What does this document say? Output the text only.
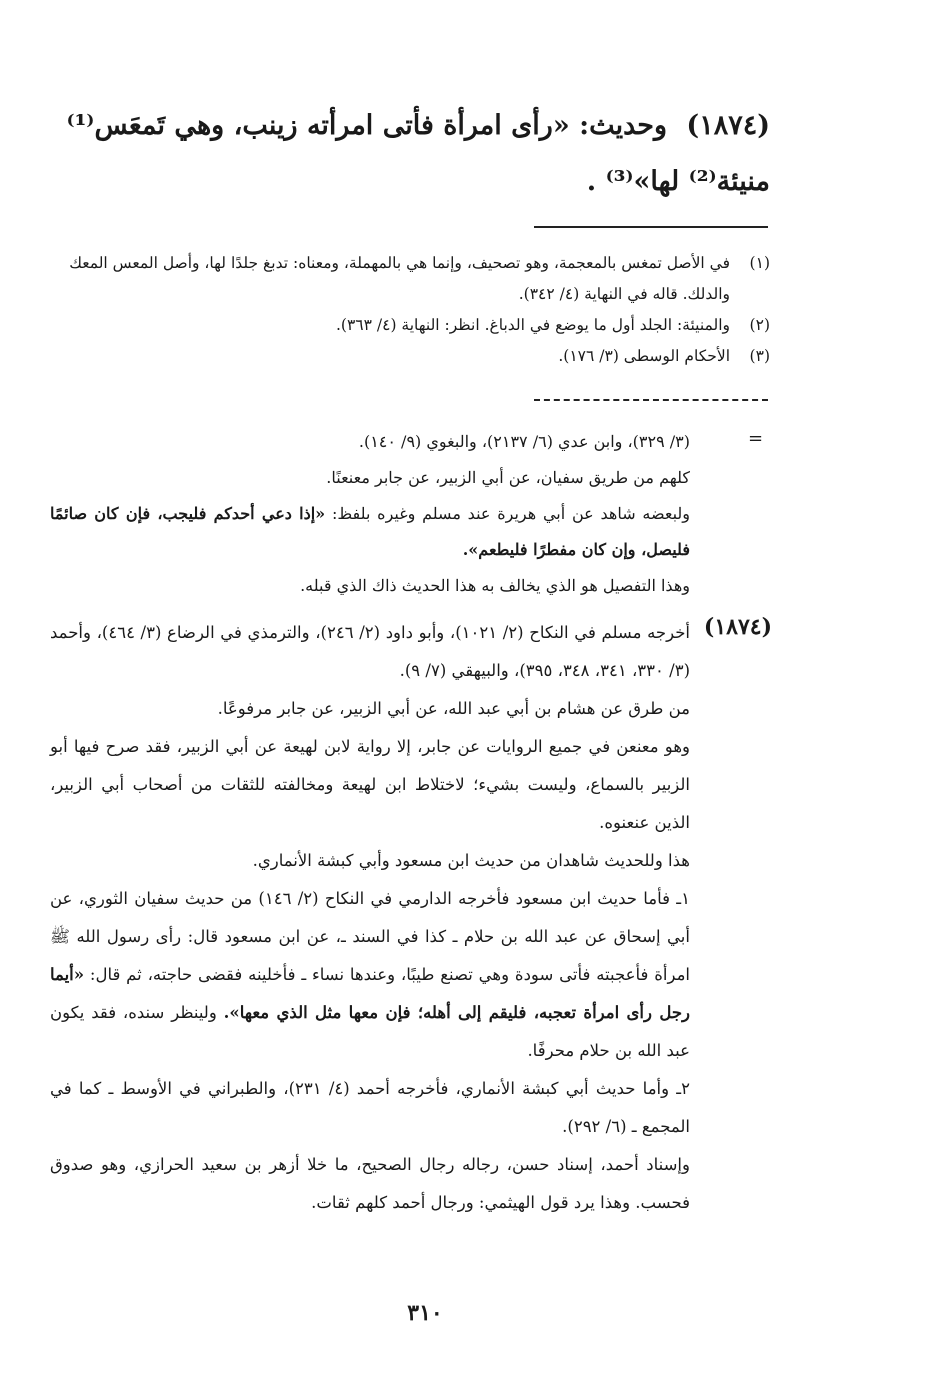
(١٨٧٤) وحديث: «رأى امرأة فأتى امرأته زينب، وهي تَمعَس⁽¹⁾
منيئة⁽²⁾ لها»⁽³⁾ .
(١)
في الأصل تمغس بالمعجمة، وهو تصحيف، وإنما هي بالمهملة، ومعناه: تدبغ جلدًا لها، وأصل المعس المعك
والدلك. قاله في النهاية (٤/ ٣٤٢).
(٢)
والمنيئة: الجلد أول ما يوضع في الدباغ. انظر: النهاية (٤/ ٣٦٣).
(٣)
الأحكام الوسطى (٣/ ١٧٦).
=

(٣/ ٣٢٩)، وابن عدي (٦/ ٢١٣٧)، والبغوي (٩/ ١٤٠).

كلهم من طريق سفيان، عن أبي الزبير، عن جابر معنعنًا.

ولبعضه شاهد عن أبي هريرة عند مسلم وغيره بلفظ: «إذا دعي أحدكم فليجب، فإن كان صائمًا فليصل، وإن كان مفطرًا فليطعم».

وهذا التفصيل هو الذي يخالف به هذا الحديث ذاك الذي قبله.

(١٨٧٤)

أخرجه مسلم في النكاح (٢/ ١٠٢١)، وأبو داود (٢/ ٢٤٦)، والترمذي في الرضاع (٣/ ٤٦٤)، وأحمد (٣/ ٣٣٠، ٣٤١، ٣٤٨، ٣٩٥)، والبيهقي (٧/ ٩).

من طرق عن هشام بن أبي عبد الله، عن أبي الزبير، عن جابر مرفوعًا.

وهو معنعن في جميع الروايات عن جابر، إلا رواية لابن لهيعة عن أبي الزبير، فقد صرح فيها أبو الزبير بالسماع، وليست بشيء؛ لاختلاط ابن لهيعة ومخالفته للثقات من أصحاب أبي الزبير، الذين عنعنوه.

هذا وللحديث شاهدان من حديث ابن مسعود وأبي كبشة الأنماري.

١ـ فأما حديث ابن مسعود فأخرجه الدارمي في النكاح (٢/ ١٤٦) من حديث سفيان الثوري، عن أبي إسحاق عن عبد الله بن حلام ـ كذا في السند ـ، عن ابن مسعود قال: رأى رسول الله ﷺ امرأة فأعجبته فأتى سودة وهي تصنع طيبًا، وعندها نساء ـ فأخلينه فقضى حاجته، ثم قال: «أيما رجل رأى امرأة تعجبه، فليقم إلى أهله؛ فإن معها مثل الذي معها». ولينظر سنده، فقد يكون عبد الله بن حلام محرفًا.

٢ـ وأما حديث أبي كبشة الأنماري، فأخرجه أحمد (٤/ ٢٣١)، والطبراني في الأوسط ـ كما في المجمع ـ (٦/ ٢٩٢).

وإسناد أحمد، إسناد حسن، رجاله رجال الصحيح، ما خلا أزهر بن سعيد الحرازي، وهو صدوق فحسب. وهذا يرد قول الهيثمي: ورجال أحمد كلهم ثقات.

٣١٠
